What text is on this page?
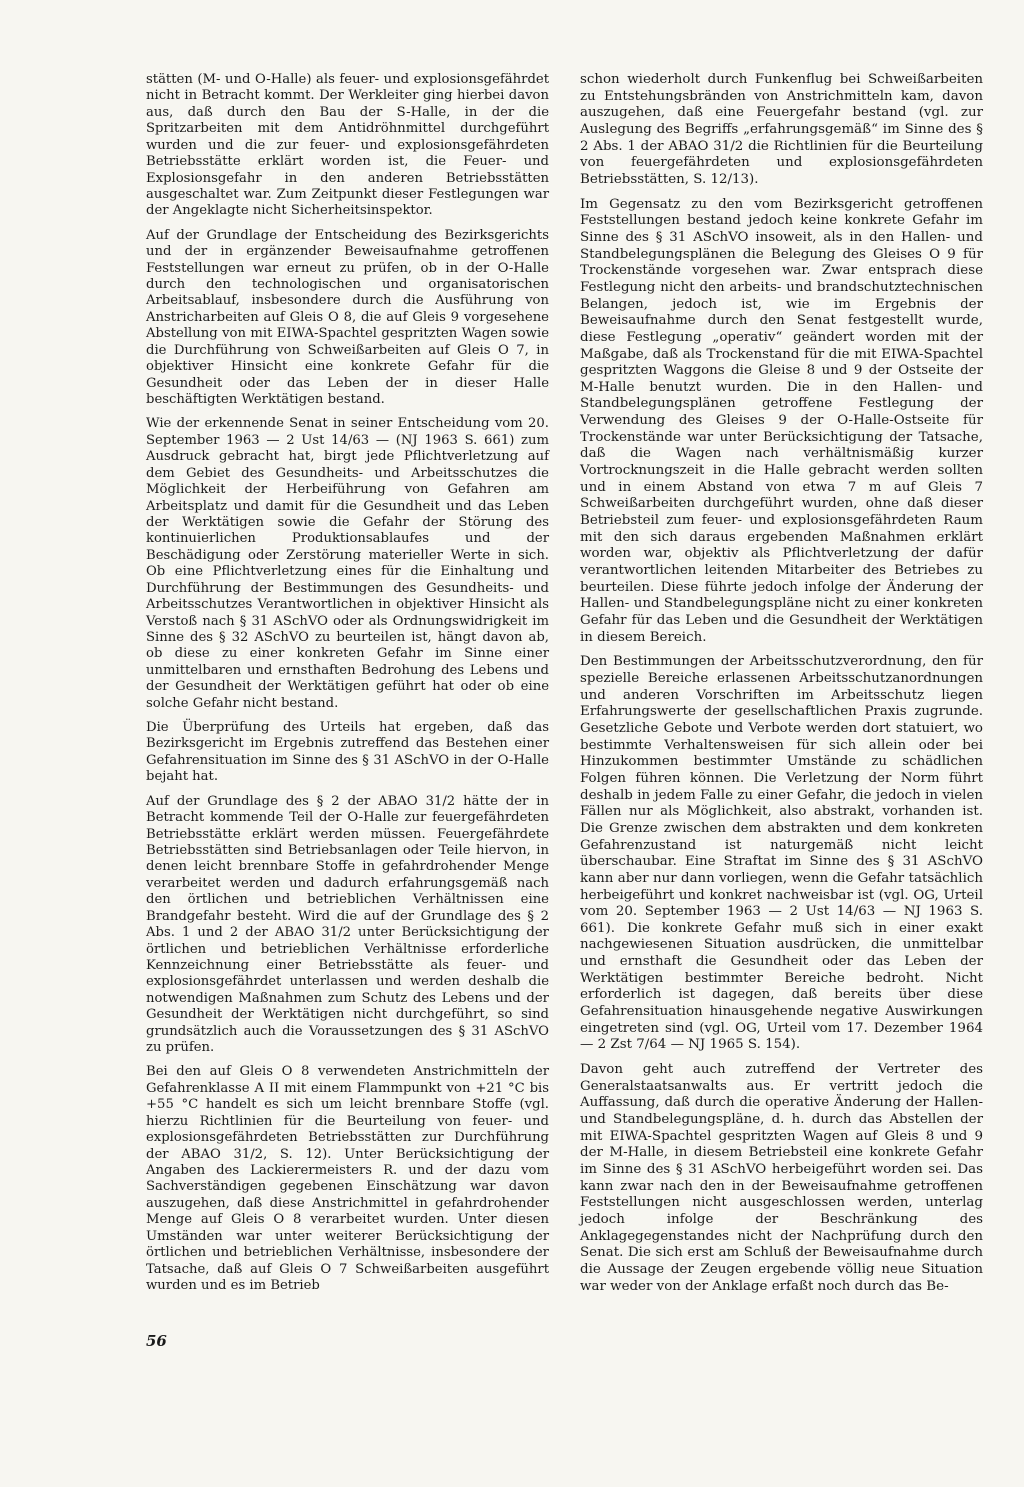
stätten (M- und O-Halle) als feuer- und explosionsgefährdet nicht in Betracht kommt. Der Werkleiter ging hierbei davon aus, daß durch den Bau der S-Halle, in der die Spritzarbeiten mit dem Antidröhnmittel durchgeführt wurden und die zur feuer- und explosionsgefährdeten Betriebsstätte erklärt worden ist, die Feuer- und Explosionsgefahr in den anderen Betriebsstätten ausgeschaltet war. Zum Zeitpunkt dieser Festlegungen war der Angeklagte nicht Sicherheitsinspektor.

Auf der Grundlage der Entscheidung des Bezirksgerichts und der in ergänzender Beweisaufnahme getroffenen Feststellungen war erneut zu prüfen, ob in der O-Halle durch den technologischen und organisatorischen Arbeitsablauf, insbesondere durch die Ausführung von Anstricharbeiten auf Gleis O 8, die auf Gleis 9 vorgesehene Abstellung von mit EIWA-Spachtel gespritzten Wagen sowie die Durchführung von Schweißarbeiten auf Gleis O 7, in objektiver Hinsicht eine konkrete Gefahr für die Gesundheit oder das Leben der in dieser Halle beschäftigten Werktätigen bestand.

Wie der erkennende Senat in seiner Entscheidung vom 20. September 1963 — 2 Ust 14/63 — (NJ 1963 S. 661) zum Ausdruck gebracht hat, birgt jede Pflichtverletzung auf dem Gebiet des Gesundheits- und Arbeitsschutzes die Möglichkeit der Herbeiführung von Gefahren am Arbeitsplatz und damit für die Gesundheit und das Leben der Werktätigen sowie die Gefahr der Störung des kontinuierlichen Produktionsablaufes und der Beschädigung oder Zerstörung materieller Werte in sich. Ob eine Pflichtverletzung eines für die Einhaltung und Durchführung der Bestimmungen des Gesundheits- und Arbeitsschutzes Verantwortlichen in objektiver Hinsicht als Verstoß nach § 31 ASchVO oder als Ordnungswidrigkeit im Sinne des § 32 ASchVO zu beurteilen ist, hängt davon ab, ob diese zu einer konkreten Gefahr im Sinne einer unmittelbaren und ernsthaften Bedrohung des Lebens und der Gesundheit der Werktätigen geführt hat oder ob eine solche Gefahr nicht bestand.

Die Überprüfung des Urteils hat ergeben, daß das Bezirksgericht im Ergebnis zutreffend das Bestehen einer Gefahrensituation im Sinne des § 31 ASchVO in der O-Halle bejaht hat.

Auf der Grundlage des § 2 der ABAO 31/2 hätte der in Betracht kommende Teil der O-Halle zur feuergefährdeten Betriebsstätte erklärt werden müssen. Feuergefährdete Betriebsstätten sind Betriebsanlagen oder Teile hiervon, in denen leicht brennbare Stoffe in gefahrdrohender Menge verarbeitet werden und dadurch erfahrungsgemäß nach den örtlichen und betrieblichen Verhältnissen eine Brandgefahr besteht. Wird die auf der Grundlage des § 2 Abs. 1 und 2 der ABAO 31/2 unter Berücksichtigung der örtlichen und betrieblichen Verhältnisse erforderliche Kennzeichnung einer Betriebsstätte als feuer- und explosionsgefährdet unterlassen und werden deshalb die notwendigen Maßnahmen zum Schutz des Lebens und der Gesundheit der Werktätigen nicht durchgeführt, so sind grundsätzlich auch die Voraussetzungen des § 31 ASchVO zu prüfen.

Bei den auf Gleis O 8 verwendeten Anstrichmitteln der Gefahrenklasse A II mit einem Flammpunkt von +21 °C bis +55 °C handelt es sich um leicht brennbare Stoffe (vgl. hierzu Richtlinien für die Beurteilung von feuer- und explosionsgefährdeten Betriebsstätten zur Durchführung der ABAO 31/2, S. 12). Unter Berücksichtigung der Angaben des Lackierermeisters R. und der dazu vom Sachverständigen gegebenen Einschätzung war davon auszugehen, daß diese Anstrichmittel in gefahrdrohender Menge auf Gleis O 8 verarbeitet wurden. Unter diesen Umständen war unter weiterer Berücksichtigung der örtlichen und betrieblichen Verhältnisse, insbesondere der Tatsache, daß auf Gleis O 7 Schweißarbeiten ausgeführt wurden und es im Betrieb

schon wiederholt durch Funkenflug bei Schweißarbeiten zu Entstehungsbränden von Anstrichmitteln kam, davon auszugehen, daß eine Feuergefahr bestand (vgl. zur Auslegung des Begriffs „erfahrungsgemäß“ im Sinne des § 2 Abs. 1 der ABAO 31/2 die Richtlinien für die Beurteilung von feuergefährdeten und explosionsgefährdeten Betriebsstätten, S. 12/13).

Im Gegensatz zu den vom Bezirksgericht getroffenen Feststellungen bestand jedoch keine konkrete Gefahr im Sinne des § 31 ASchVO insoweit, als in den Hallen- und Standbelegungsplänen die Belegung des Gleises O 9 für Trockenstände vorgesehen war. Zwar entsprach diese Festlegung nicht den arbeits- und brandschutztechnischen Belangen, jedoch ist, wie im Ergebnis der Beweisaufnahme durch den Senat festgestellt wurde, diese Festlegung „operativ“ geändert worden mit der Maßgabe, daß als Trockenstand für die mit EIWA-Spachtel gespritzten Waggons die Gleise 8 und 9 der Ostseite der M-Halle benutzt wurden. Die in den Hallen- und Standbelegungsplänen getroffene Festlegung der Verwendung des Gleises 9 der O-Halle-Ostseite für Trockenstände war unter Berücksichtigung der Tatsache, daß die Wagen nach verhältnismäßig kurzer Vortrocknungszeit in die Halle gebracht werden sollten und in einem Abstand von etwa 7 m auf Gleis 7 Schweißarbeiten durchgeführt wurden, ohne daß dieser Betriebsteil zum feuer- und explosionsgefährdeten Raum mit den sich daraus ergebenden Maßnahmen erklärt worden war, objektiv als Pflichtverletzung der dafür verantwortlichen leitenden Mitarbeiter des Betriebes zu beurteilen. Diese führte jedoch infolge der Änderung der Hallen- und Standbelegungspläne nicht zu einer konkreten Gefahr für das Leben und die Gesundheit der Werktätigen in diesem Bereich.

Den Bestimmungen der Arbeitsschutzverordnung, den für spezielle Bereiche erlassenen Arbeitsschutzanordnungen und anderen Vorschriften im Arbeitsschutz liegen Erfahrungswerte der gesellschaftlichen Praxis zugrunde. Gesetzliche Gebote und Verbote werden dort statuiert, wo bestimmte Verhaltensweisen für sich allein oder bei Hinzukommen bestimmter Umstände zu schädlichen Folgen führen können. Die Verletzung der Norm führt deshalb in jedem Falle zu einer Gefahr, die jedoch in vielen Fällen nur als Möglichkeit, also abstrakt, vorhanden ist. Die Grenze zwischen dem abstrakten und dem konkreten Gefahrenzustand ist naturgemäß nicht leicht überschaubar. Eine Straftat im Sinne des § 31 ASchVO kann aber nur dann vorliegen, wenn die Gefahr tatsächlich herbeigeführt und konkret nachweisbar ist (vgl. OG, Urteil vom 20. September 1963 — 2 Ust 14/63 — NJ 1963 S. 661). Die konkrete Gefahr muß sich in einer exakt nachgewiesenen Situation ausdrücken, die unmittelbar und ernsthaft die Gesundheit oder das Leben der Werktätigen bestimmter Bereiche bedroht. Nicht erforderlich ist dagegen, daß bereits über diese Gefahrensituation hinausgehende negative Auswirkungen eingetreten sind (vgl. OG, Urteil vom 17. Dezember 1964 — 2 Zst 7/64 — NJ 1965 S. 154).

Davon geht auch zutreffend der Vertreter des Generalstaatsanwalts aus. Er vertritt jedoch die Auffassung, daß durch die operative Änderung der Hallen- und Standbelegungspläne, d. h. durch das Abstellen der mit EIWA-Spachtel gespritzten Wagen auf Gleis 8 und 9 der M-Halle, in diesem Betriebsteil eine konkrete Gefahr im Sinne des § 31 ASchVO herbeigeführt worden sei. Das kann zwar nach den in der Beweisaufnahme getroffenen Feststellungen nicht ausgeschlossen werden, unterlag jedoch infolge der Beschränkung des Anklagegegenstandes nicht der Nachprüfung durch den Senat. Die sich erst am Schluß der Beweisaufnahme durch die Aussage der Zeugen ergebende völlig neue Situation war weder von der Anklage erfaßt noch durch das Be-

56
